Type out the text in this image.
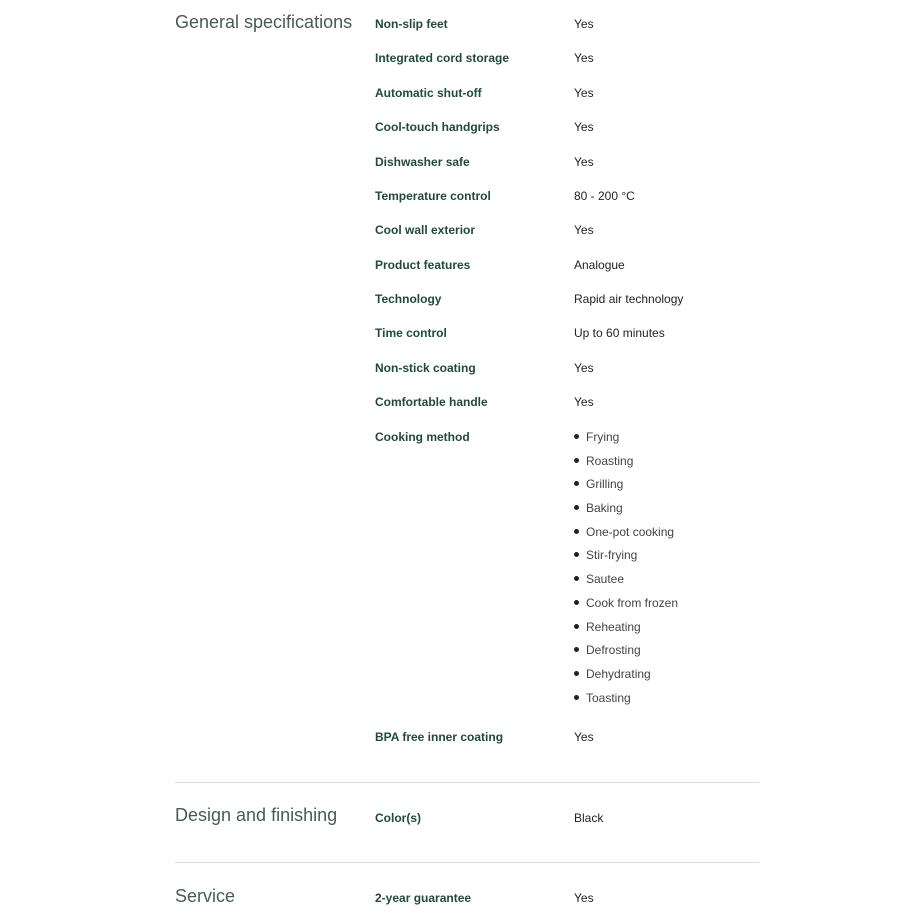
General specifications Non-slip feet	Yes
Integrated cord storage	Yes
Automatic shut-off	Yes
Cool-touch handgrips	Yes
Dishwasher safe	Yes
Temperature control	80 - 200 °C
Cool wall exterior	Yes
Product features	Analogue
Technology	Rapid air technology
Time control	Up to 60 minutes
Non-stick coating	Yes
Comfortable handle	Yes
Cooking method	Frying
Roasting
Grilling
Baking
One-pot cooking
Stir-frying
Sautee
Cook from frozen
Reheating
Defrosting
Dehydrating
Toasting
BPA free inner coating	Yes
Design and finishing	Color(s)	Black
Service	2-year guarantee	Yes
